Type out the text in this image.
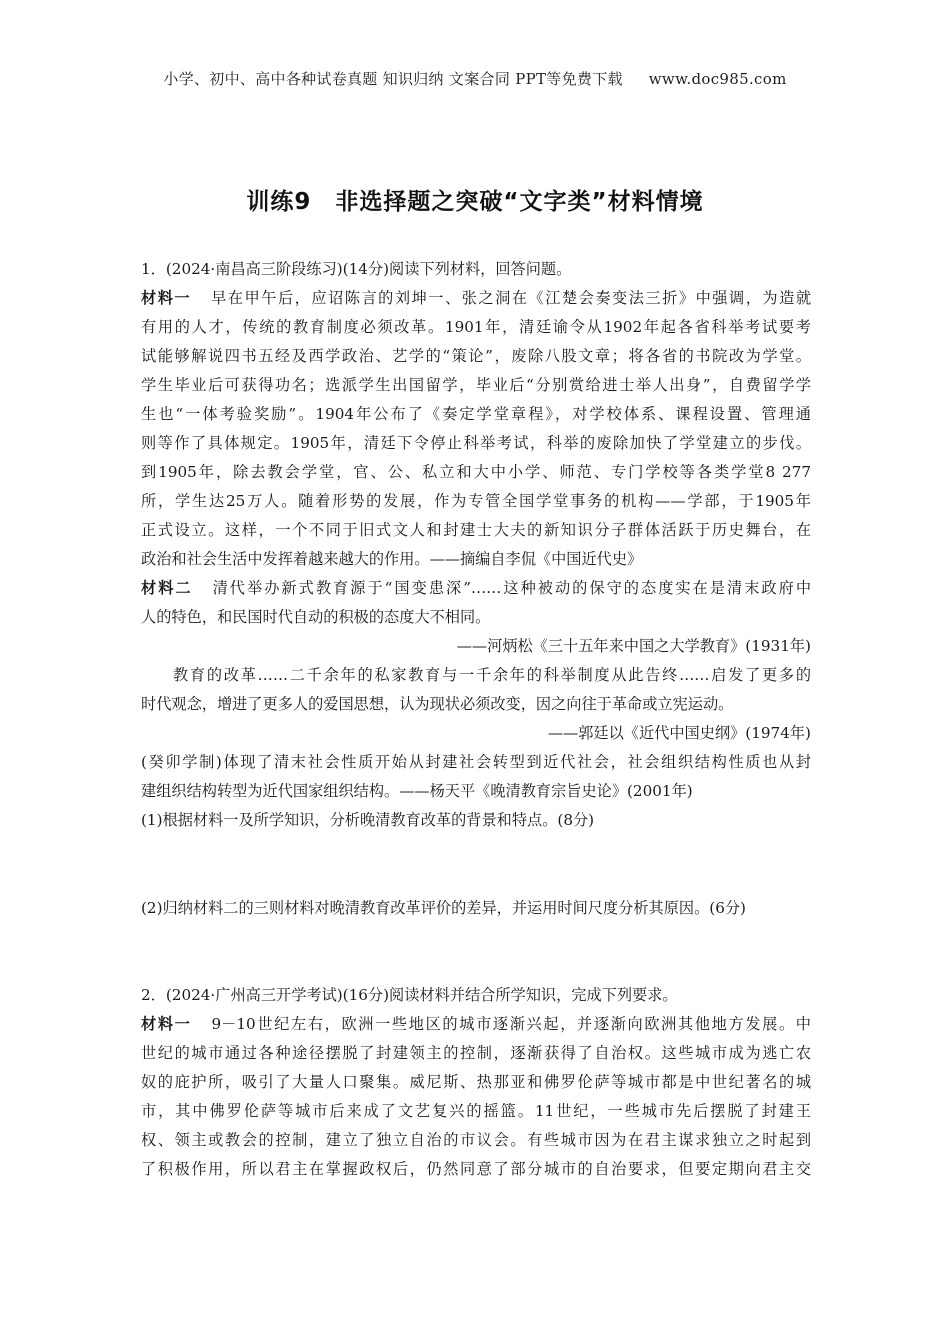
小学、初中、高中各种试卷真题 知识归纳 文案合同 PPT等免费下载 www.doc985.com
训练9　非选择题之突破“文字类”材料情境
1．(2024·南昌高三阶段练习)(14分)阅读下列材料，回答问题。
材料一 早在甲午后，应诏陈言的刘坤一、张之洞在《江楚会奏变法三折》中强调，为造就
有用的人才，传统的教育制度必须改革。1901年，清廷谕令从1902年起各省科举考试要考
试能够解说四书五经及西学政治、艺学的“策论”，废除八股文章；将各省的书院改为学堂。
学生毕业后可获得功名；选派学生出国留学，毕业后“分别赏给进士举人出身”，自费留学学
生也“一体考验奖励”。1904年公布了《奏定学堂章程》，对学校体系、课程设置、管理通
则等作了具体规定。1905年，清廷下令停止科举考试，科举的废除加快了学堂建立的步伐。
到1905年，除去教会学堂，官、公、私立和大中小学、师范、专门学校等各类学堂8 277
所，学生达25万人。随着形势的发展，作为专管全国学堂事务的机构——学部，于1905年
正式设立。这样，一个不同于旧式文人和封建士大夫的新知识分子群体活跃于历史舞台，在
政治和社会生活中发挥着越来越大的作用。——摘编自李侃《中国近代史》
材料二 清代举办新式教育源于“国变患深”……这种被动的保守的态度实在是清末政府中
人的特色，和民国时代自动的积极的态度大不相同。
——河炳松《三十五年来中国之大学教育》(1931年)
教育的改革……二千余年的私家教育与一千余年的科举制度从此告终……启发了更多的
时代观念，增进了更多人的爱国思想，认为现状必须改变，因之向往于革命或立宪运动。
——郭廷以《近代中国史纲》(1974年)
(癸卯学制)体现了清末社会性质开始从封建社会转型到近代社会，社会组织结构性质也从封
建组织结构转型为近代国家组织结构。——杨天平《晚清教育宗旨史论》(2001年)
(1)根据材料一及所学知识，分析晚清教育改革的背景和特点。(8分)
(2)归纳材料二的三则材料对晚清教育改革评价的差异，并运用时间尺度分析其原因。(6分)
2．(2024·广州高三开学考试)(16分)阅读材料并结合所学知识，完成下列要求。
材料一 9－10世纪左右，欧洲一些地区的城市逐渐兴起，并逐渐向欧洲其他地方发展。中
世纪的城市通过各种途径摆脱了封建领主的控制，逐渐获得了自治权。这些城市成为逃亡农
奴的庇护所，吸引了大量人口聚集。威尼斯、热那亚和佛罗伦萨等城市都是中世纪著名的城
市，其中佛罗伦萨等城市后来成了文艺复兴的摇篮。11世纪，一些城市先后摆脱了封建王
权、领主或教会的控制，建立了独立自治的市议会。有些城市因为在君主谋求独立之时起到
了积极作用，所以君主在掌握政权后，仍然同意了部分城市的自治要求，但要定期向君主交
